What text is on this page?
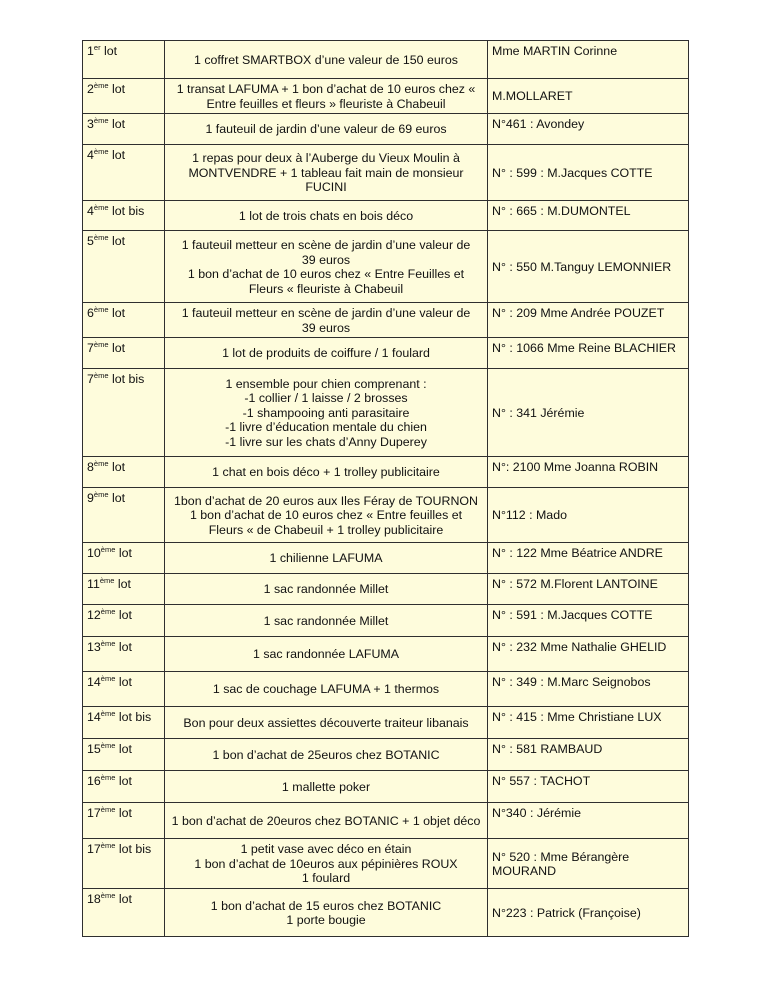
1er lot	1 coffret SMARTBOX d’une valeur de 150 euros	Mme MARTIN Corinne
2ème lot	1 transat LAFUMA + 1 bon d’achat de 10 euros chez «
Entre feuilles et fleurs » fleuriste à Chabeuil	M.MOLLARET
3ème lot	1 fauteuil de jardin d’une valeur de 69 euros	N°461 : Avondey
4ème lot	1 repas pour deux à l’Auberge du Vieux Moulin à
MONTVENDRE + 1 tableau fait main de monsieur
FUCINI	N° : 599 : M.Jacques COTTE
4ème lot bis	1 lot de trois chats en bois déco	N° : 665 : M.DUMONTEL
5ème lot	1 fauteuil metteur en scène de jardin d’une valeur de
39 euros
1 bon d’achat de 10 euros chez « Entre Feuilles et
Fleurs « fleuriste à Chabeuil	N° : 550 M.Tanguy LEMONNIER
6ème lot	1 fauteuil metteur en scène de jardin d’une valeur de
39 euros	N° : 209 Mme Andrée POUZET
7ème lot	1 lot de produits de coiffure / 1 foulard	N° : 1066 Mme Reine BLACHIER
7ème lot bis	1 ensemble pour chien comprenant :
-1 collier / 1 laisse / 2 brosses
-1 shampooing anti parasitaire
-1 livre d’éducation mentale du chien
-1 livre sur les chats d’Anny Duperey	N° : 341 Jérémie
8ème lot	1 chat en bois déco + 1 trolley publicitaire	N°: 2100 Mme Joanna ROBIN
9ème lot	1bon d’achat de 20 euros aux Iles Féray de TOURNON
1 bon d’achat de 10 euros chez « Entre feuilles et
Fleurs « de Chabeuil + 1 trolley publicitaire	N°112 : Mado
10ème lot	1 chilienne LAFUMA	N° : 122 Mme Béatrice ANDRE
11ème lot	1 sac randonnée Millet	N° : 572 M.Florent LANTOINE
12ème lot	1 sac randonnée Millet	N° : 591 : M.Jacques COTTE
13ème lot	1 sac randonnée LAFUMA	N° : 232 Mme Nathalie GHELID
14ème lot	1 sac de couchage LAFUMA + 1 thermos	N° : 349 : M.Marc Seignobos
14ème lot bis	Bon pour deux assiettes découverte traiteur libanais	N° : 415 : Mme Christiane LUX
15ème lot	1 bon d’achat de 25euros chez BOTANIC	N° : 581 RAMBAUD
16ème lot	1 mallette poker	N° 557 : TACHOT
17ème lot	1 bon d’achat de 20euros chez BOTANIC + 1 objet déco	N°340 : Jérémie
17ème lot bis	1 petit vase avec déco en étain
1 bon d’achat de 10euros aux pépinières ROUX
1 foulard	N° 520 : Mme Bérangère MOURAND
18ème lot	1 bon d’achat de 15 euros chez BOTANIC
1 porte bougie	N°223 : Patrick (Françoise)
